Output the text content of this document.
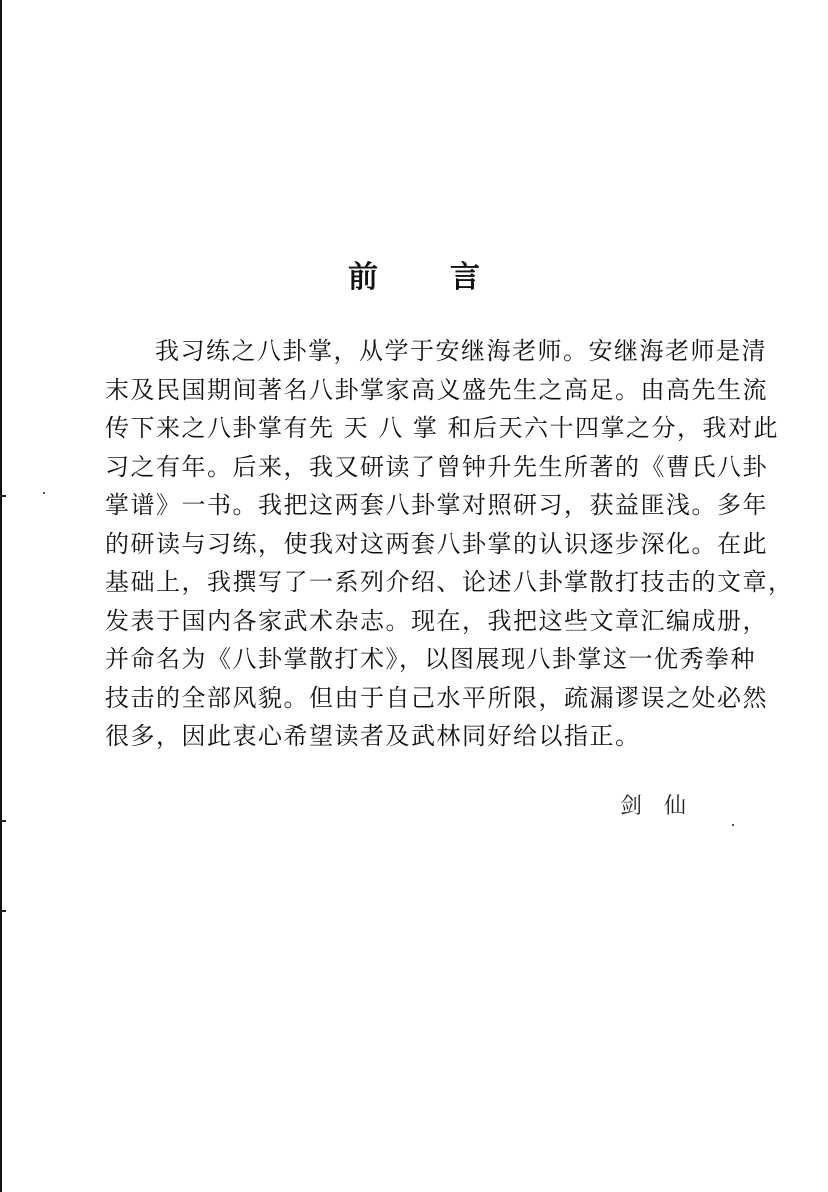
前言
我习练之八卦掌，从学于安继海老师。安继海老师是清
末及民国期间著名八卦掌家高义盛先生之高足。由高先生流
传下来之八卦掌有先 天 八 掌 和后天六十四掌之分，我对此
习之有年。后来，我又研读了曾钟升先生所著的《曹氏八卦
掌谱》一书。我把这两套八卦掌对照研习，获益匪浅。多年
的研读与习练，使我对这两套八卦掌的认识逐步深化。在此
基础上，我撰写了一系列介绍、论述八卦掌散打技击的文章，
发表于国内各家武术杂志。现在，我把这些文章汇编成册，
并命名为《八卦掌散打术》，以图展现八卦掌这一优秀拳种
技击的全部风貌。但由于自己水平所限，疏漏谬误之处必然
很多，因此衷心希望读者及武林同好给以指正。

剑仙
